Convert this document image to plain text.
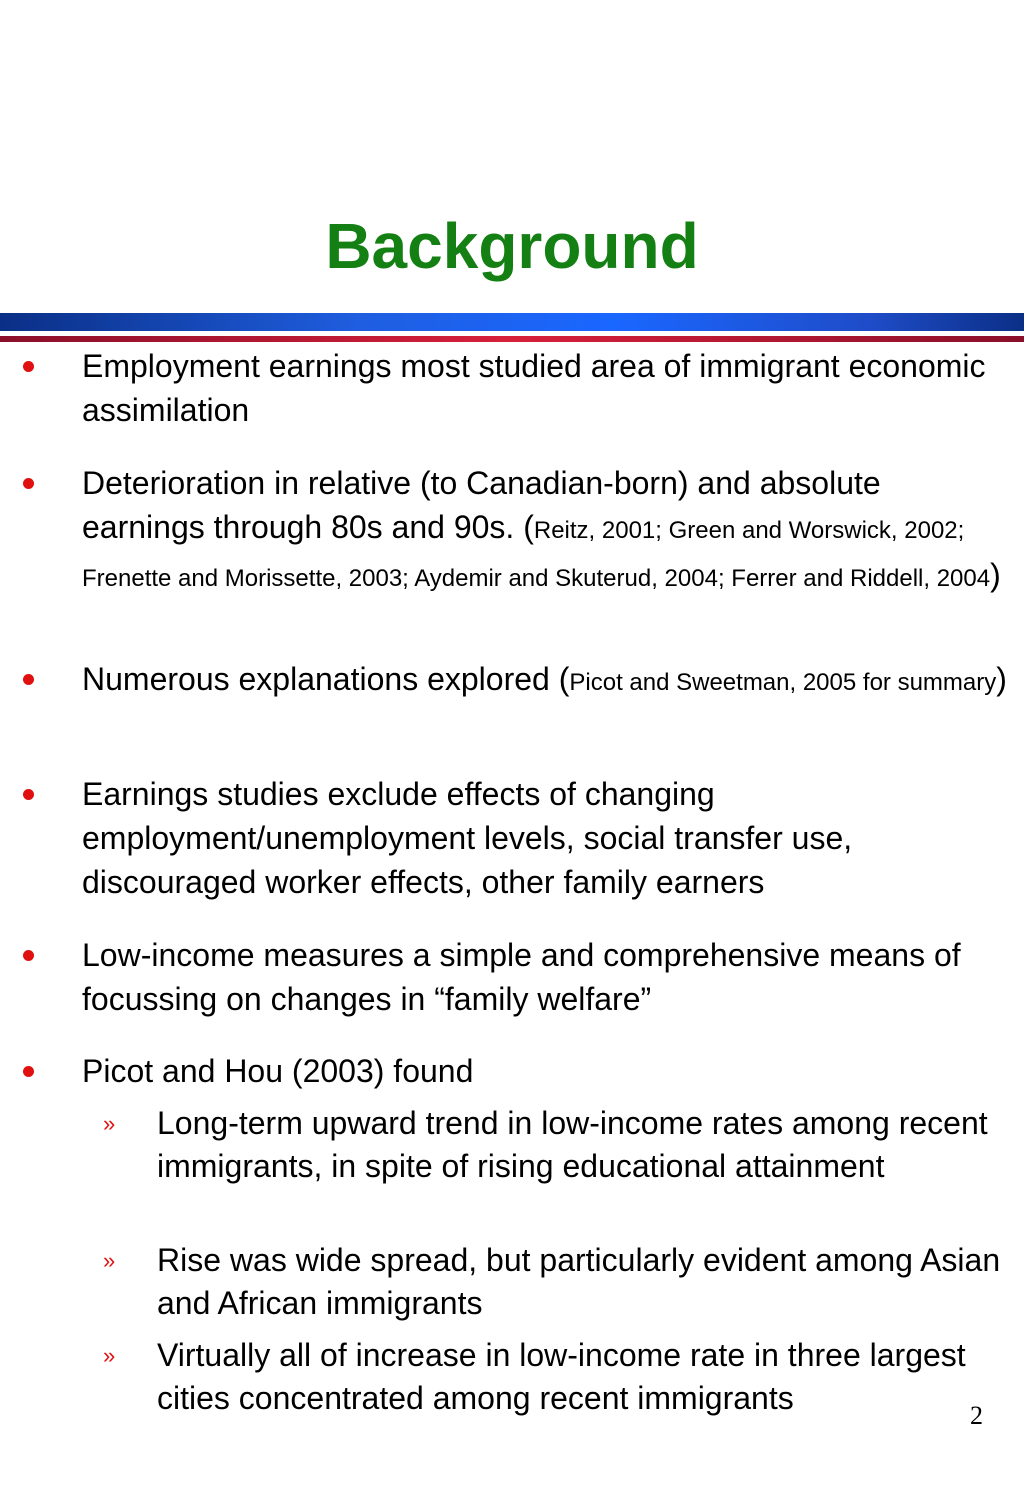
Background
Employment earnings most studied area of immigrant economic assimilation
Deterioration in relative (to Canadian-born) and absolute earnings through 80s and 90s. (Reitz, 2001; Green and Worswick, 2002; Frenette and Morissette, 2003; Aydemir and Skuterud, 2004; Ferrer and Riddell, 2004)
Numerous explanations explored (Picot and Sweetman, 2005 for summary)
Earnings studies exclude effects of changing employment/unemployment levels, social transfer use, discouraged worker effects, other family earners
Low-income measures a simple and comprehensive means of focussing on changes in “family welfare”
Picot and Hou (2003) found
» Long-term upward trend in low-income rates among recent immigrants, in spite of rising educational attainment
» Rise was wide spread, but particularly evident among Asian and African immigrants
» Virtually all of increase in low-income rate in three largest cities concentrated among recent immigrants	2
